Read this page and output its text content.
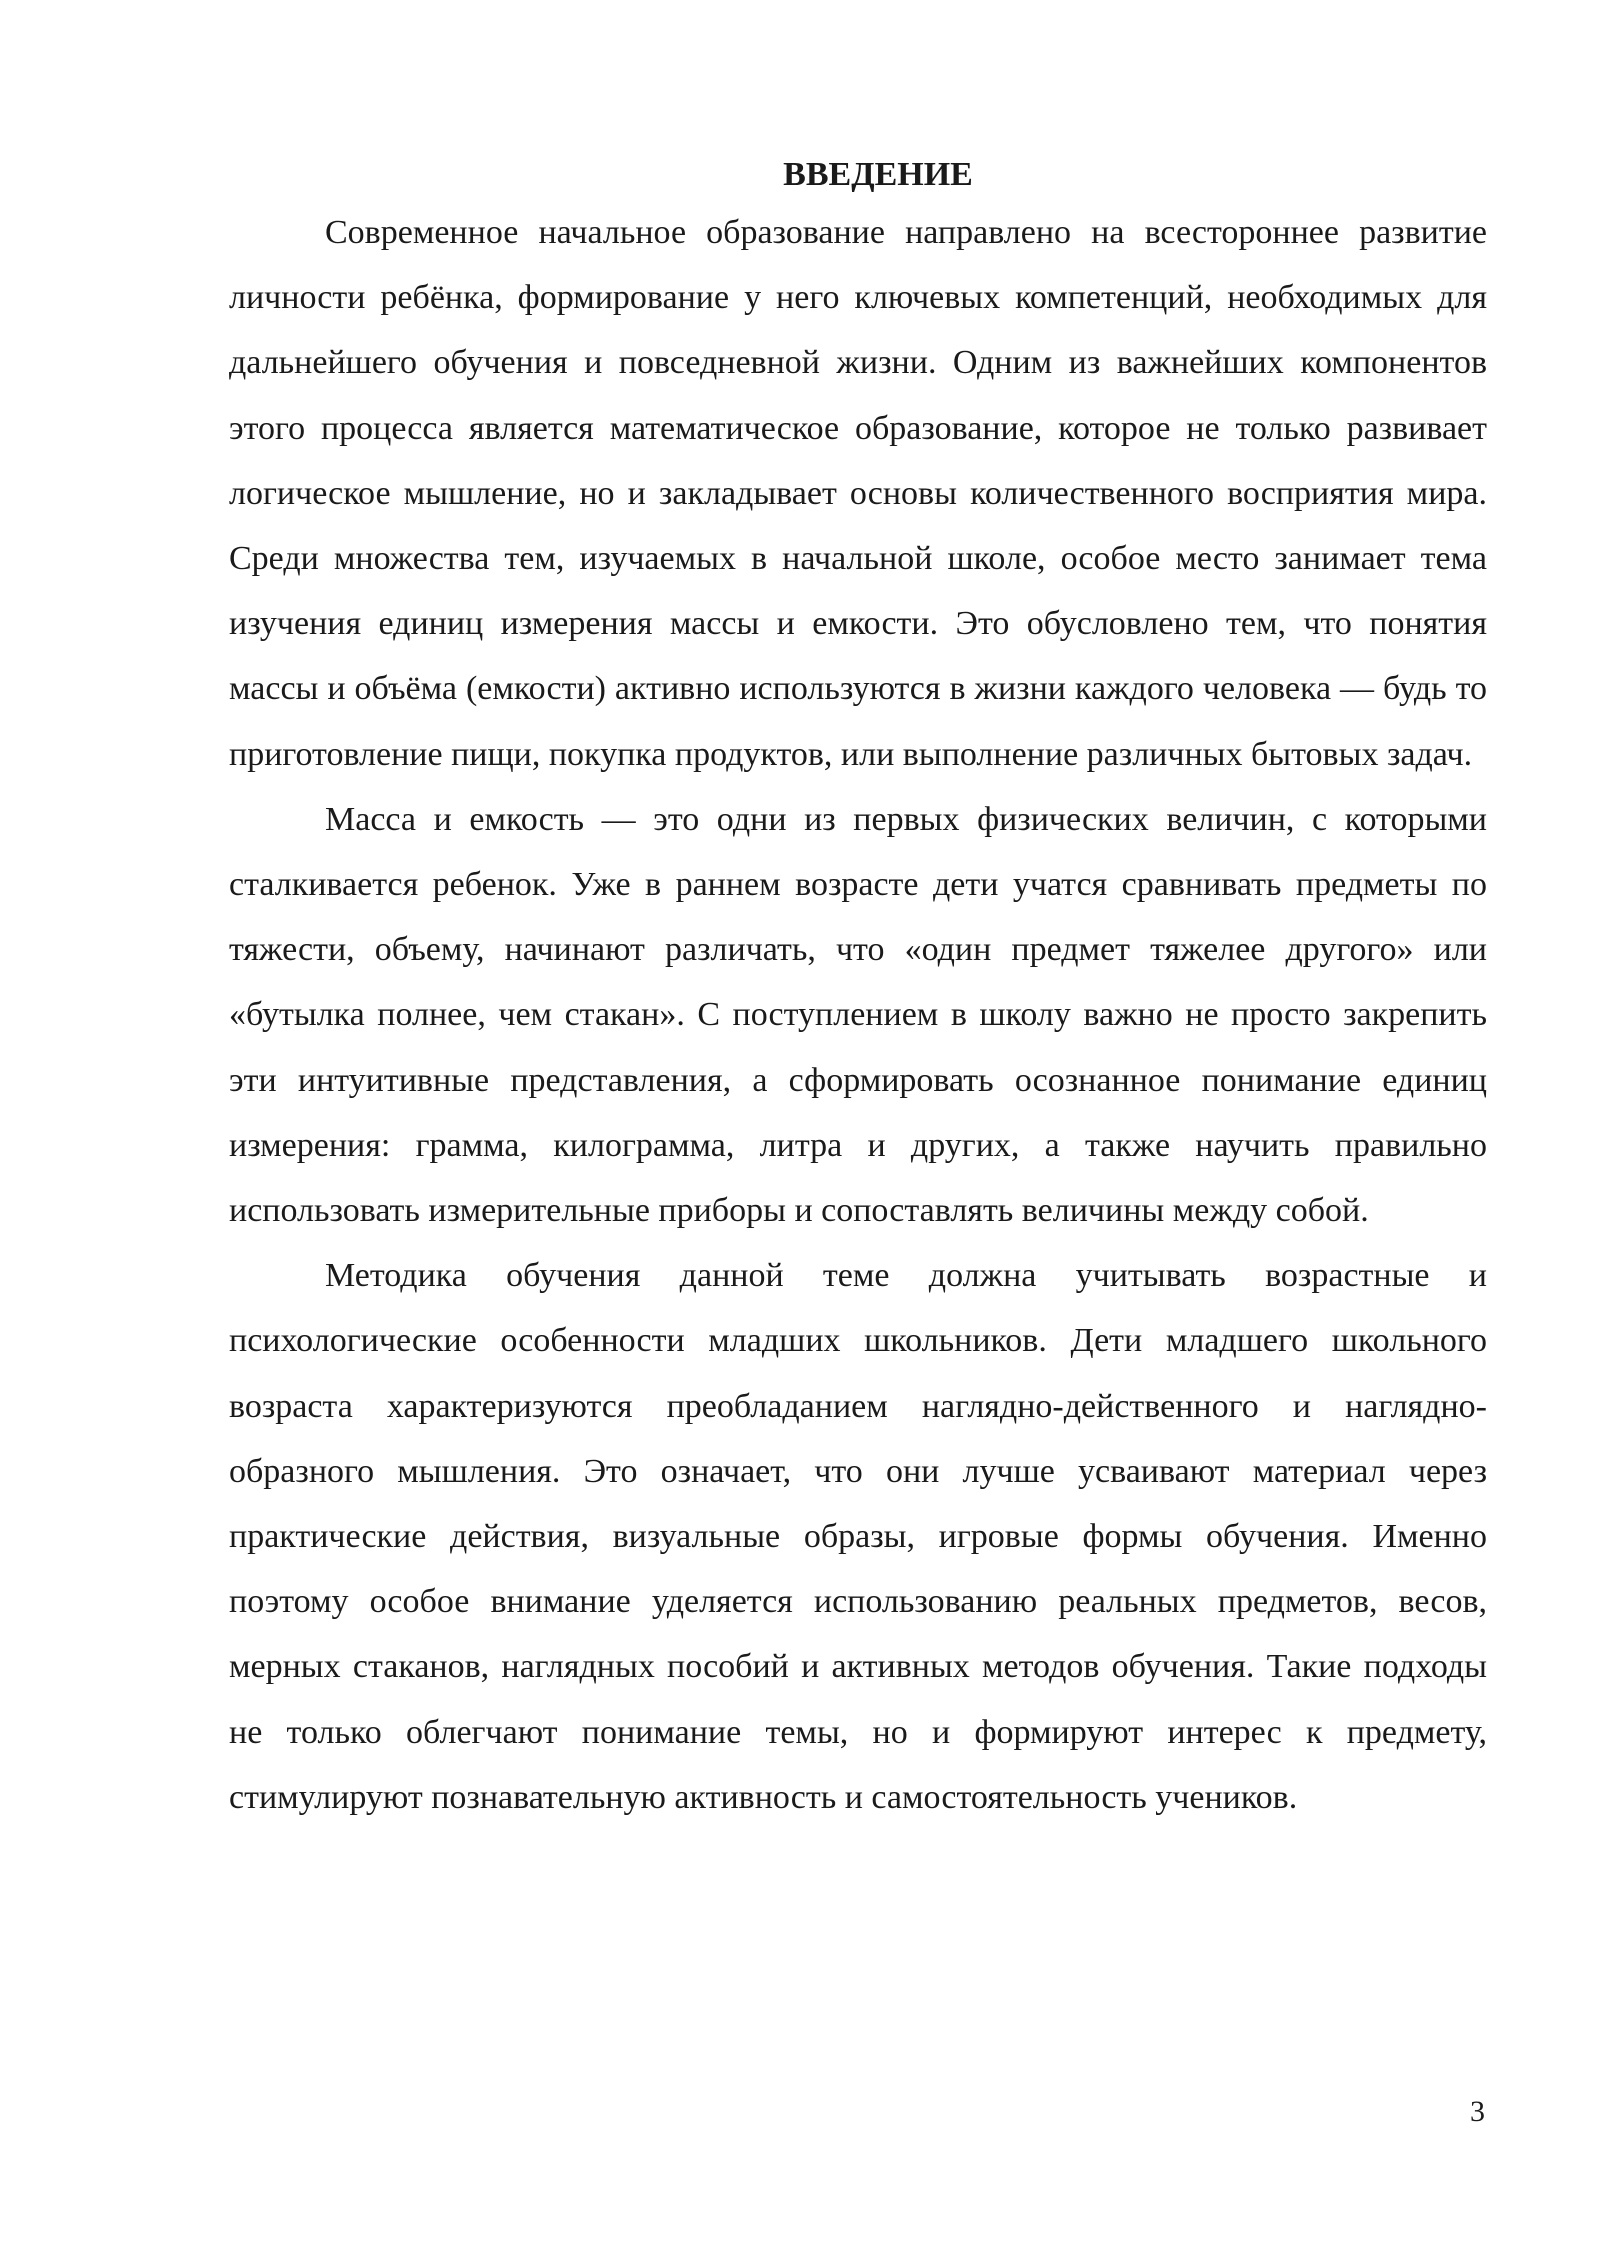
ВВЕДЕНИЕ

Современное начальное образование направлено на всестороннее развитие личности ребёнка, формирование у него ключевых компетенций, необходимых для дальнейшего обучения и повседневной жизни. Одним из важнейших компонентов этого процесса является математическое образование, которое не только развивает логическое мышление, но и закладывает основы количественного восприятия мира. Среди множества тем, изучаемых в начальной школе, особое место занимает тема изучения единиц измерения массы и емкости. Это обусловлено тем, что понятия массы и объёма (емкости) активно используются в жизни каждого человека — будь то приготовление пищи, покупка продуктов, или выполнение различных бытовых задач.

Масса и емкость — это одни из первых физических величин, с которыми сталкивается ребенок. Уже в раннем возрасте дети учатся сравнивать предметы по тяжести, объему, начинают различать, что «один предмет тяжелее другого» или «бутылка полнее, чем стакан». С поступлением в школу важно не просто закрепить эти интуитивные представления, а сформировать осознанное понимание единиц измерения: грамма, килограмма, литра и других, а также научить правильно использовать измерительные приборы и сопоставлять величины между собой.

Методика обучения данной теме должна учитывать возрастные и психологические особенности младших школьников. Дети младшего школьного возраста характеризуются преобладанием наглядно-действенного и наглядно-образного мышления. Это означает, что они лучше усваивают материал через практические действия, визуальные образы, игровые формы обучения. Именно поэтому особое внимание уделяется использованию реальных предметов, весов, мерных стаканов, наглядных пособий и активных методов обучения. Такие подходы не только облегчают понимание темы, но и формируют интерес к предмету, стимулируют познавательную активность и самостоятельность учеников.

3
